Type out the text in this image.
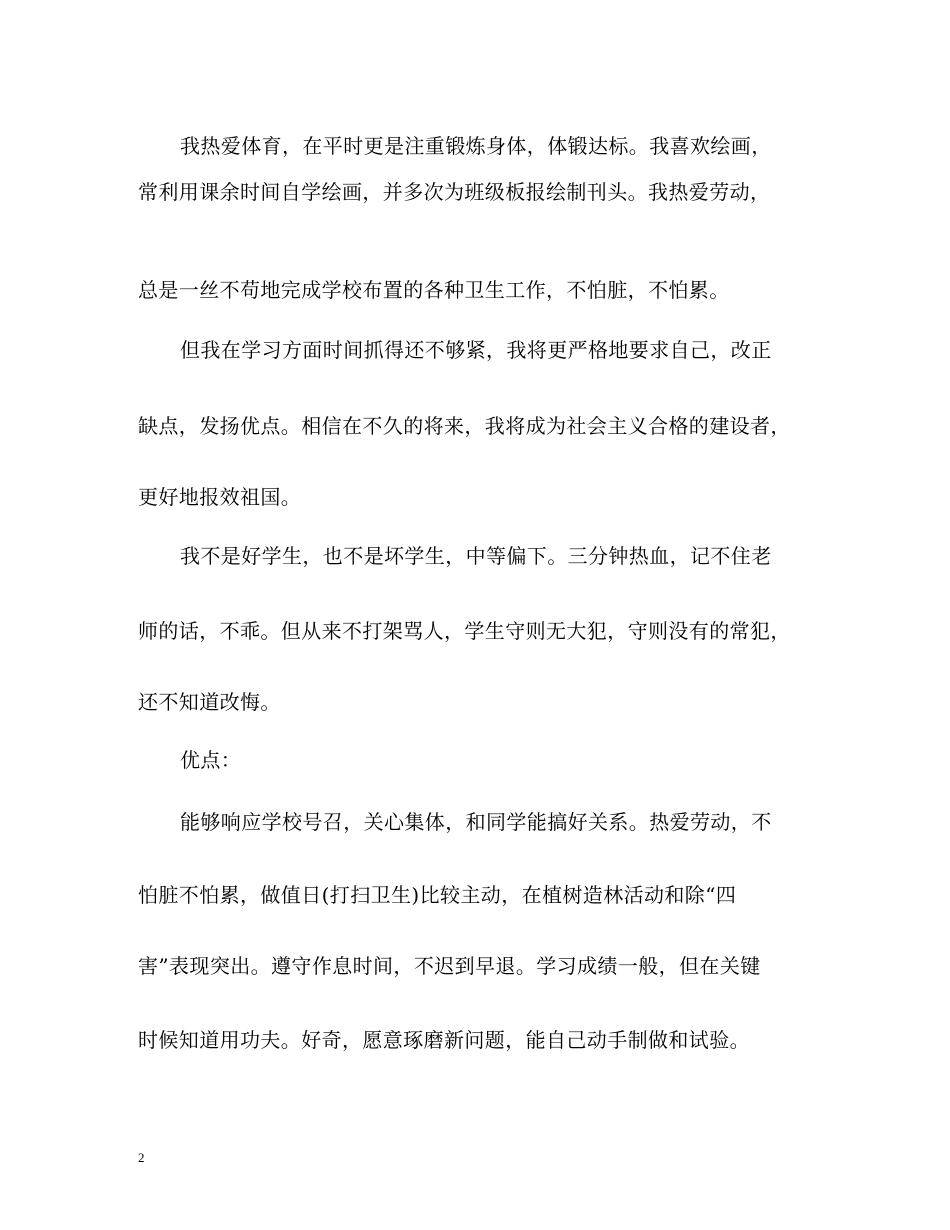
我热爱体育，在平时更是注重锻炼身体，体锻达标。我喜欢绘画，
常利用课余时间自学绘画，并多次为班级板报绘制刊头。我热爱劳动，
总是一丝不苟地完成学校布置的各种卫生工作，不怕脏，不怕累。
但我在学习方面时间抓得还不够紧，我将更严格地要求自己，改正
缺点，发扬优点。相信在不久的将来，我将成为社会主义合格的建设者，
更好地报效祖国。
我不是好学生，也不是坏学生，中等偏下。三分钟热血，记不住老
师的话，不乖。但从来不打架骂人，学生守则无大犯，守则没有的常犯，
还不知道改悔。
优点：
能够响应学校号召，关心集体，和同学能搞好关系。热爱劳动，不
怕脏不怕累，做值日(打扫卫生)比较主动，在植树造林活动和除“四
害”表现突出。遵守作息时间，不迟到早退。学习成绩一般，但在关键
时候知道用功夫。好奇，愿意琢磨新问题，能自己动手制做和试验。
2
